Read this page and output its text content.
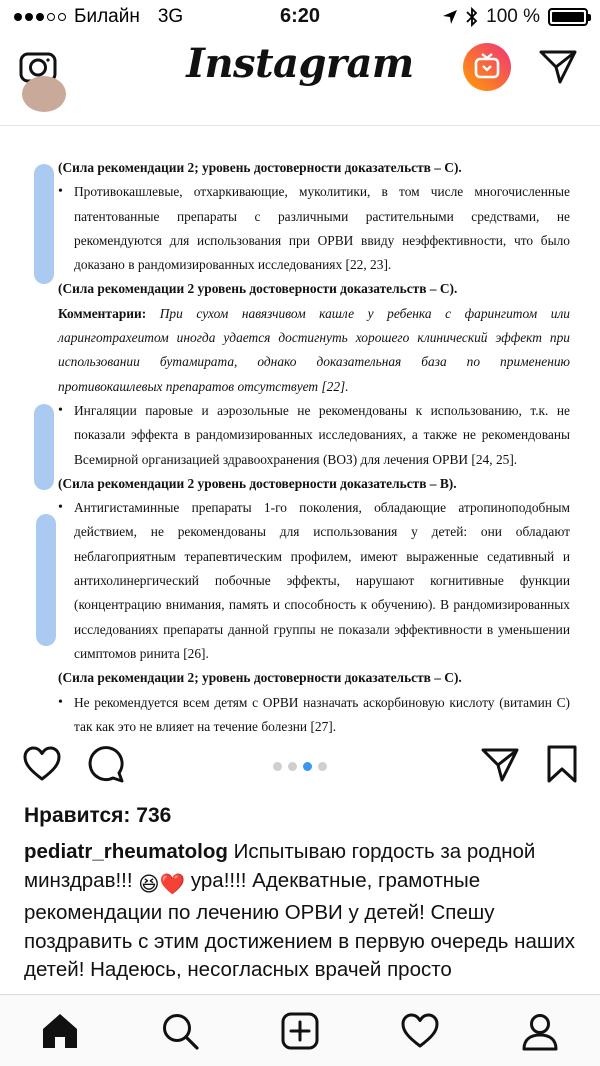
Билайн 3G	6:20	100 %
Instagram

(Сила рекомендации 2; уровень достоверности доказательств – С).

• Противокашлевые, отхаркивающие, муколитики, в том числе многочисленные патентованные препараты с различными растительными средствами, не рекомендуются для использования при ОРВИ ввиду неэффективности, что было доказано в рандомизированных исследованиях [22, 23].

(Сила рекомендации 2 уровень достоверности доказательств – С).

Комментарии: При сухом навязчивом кашле у ребенка с фарингитом или ларинготрахеитом иногда удается достигнуть хорошего клинический эффект при использовании бутамирата, однако доказательная база по применению противокашлевых препаратов отсутствует [22].

• Ингаляции паровые и аэрозольные не рекомендованы к использованию, т.к. не показали эффекта в рандомизированных исследованиях, а также не рекомендованы Всемирной организацией здравоохранения (ВОЗ) для лечения ОРВИ [24, 25].

(Сила рекомендации 2 уровень достоверности доказательств – В).

• Антигистаминные препараты 1-го поколения, обладающие атропиноподобным действием, не рекомендованы для использования у детей: они обладают неблагоприятным терапевтическим профилем, имеют выраженные седативный и антихолинергический побочные эффекты, нарушают когнитивные функции (концентрацию внимания, память и способность к обучению). В рандомизированных исследованиях препараты данной группы не показали эффективности в уменьшении симптомов ринита [26].

(Сила рекомендации 2; уровень достоверности доказательств – С).

• Не рекомендуется всем детям с ОРВИ назначать аскорбиновую кислоту (витамин С) так как это не влияет на течение болезни [27].

Нравится: 736
pediatr_rheumatolog Испытываю гордость за родной минздрав!!! 😆❤️ ура!!!! Адекватные, грамотные рекомендации по лечению ОРВИ у детей! Спешу поздравить с этим достижением в первую очередь наших детей! Надеюсь, несогласных врачей просто
